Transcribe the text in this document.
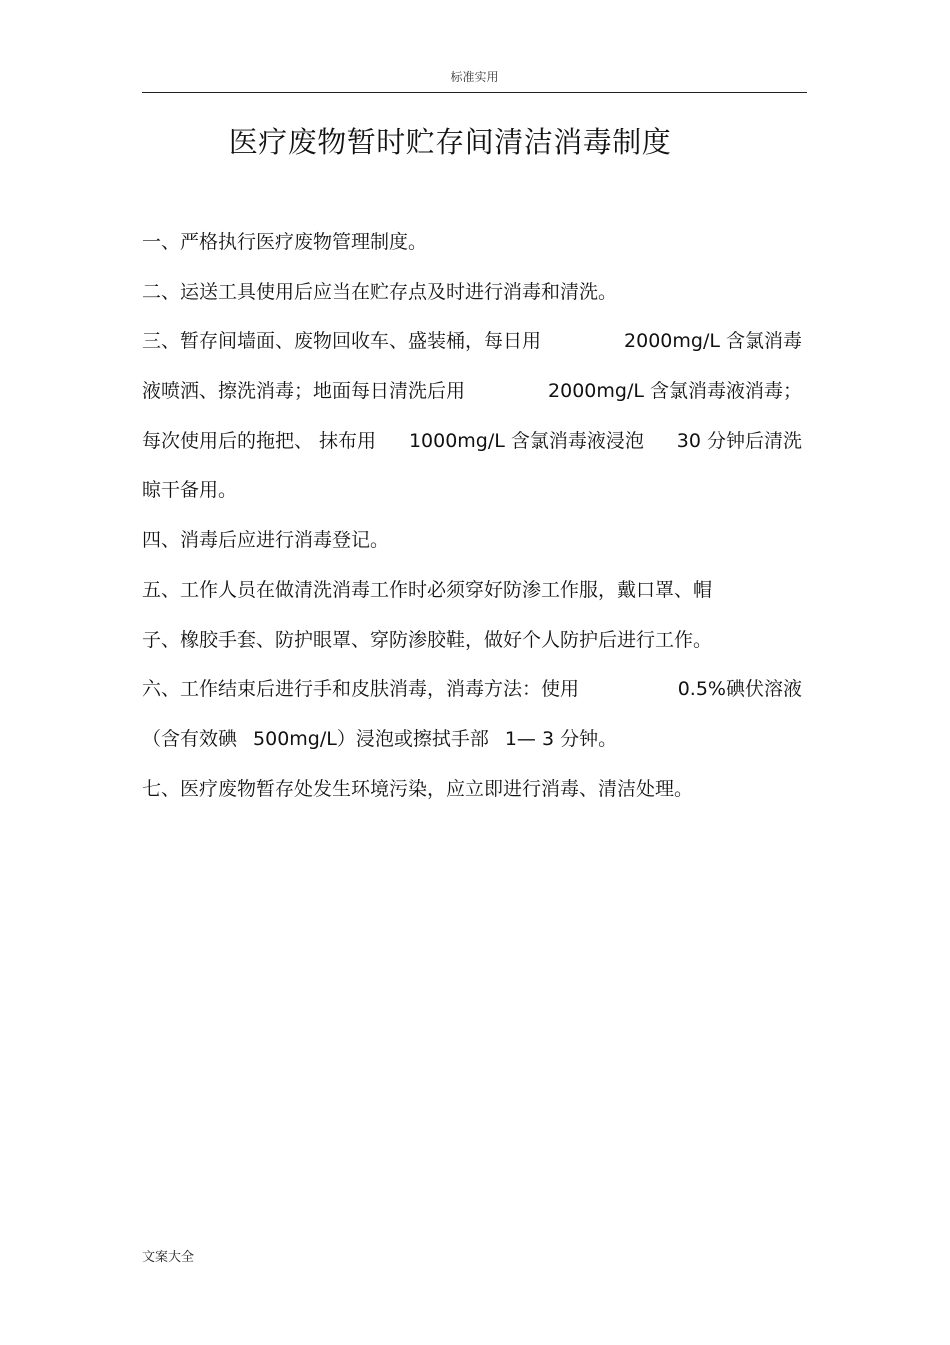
标准实用
医疗废物暂时贮存间清洁消毒制度
一、严格执行医疗废物管理制度。
二、运送工具使用后应当在贮存点及时进行消毒和清洗。
三、暂存间墙面、废物回收车、盛装桶，每日用	2000mg/L 含氯消毒
液喷洒、擦洗消毒；地面每日清洗后用	2000mg/L 含氯消毒液消毒；
每次使用后的拖把、 抹布用 1000mg/L 含氯消毒液浸泡 30 分钟后清洗
晾干备用。
四、消毒后应进行消毒登记。
五、工作人员在做清洗消毒工作时必须穿好防渗工作服，戴口罩、帽
子、橡胶手套、防护眼罩、穿防渗胶鞋，做好个人防护后进行工作。
六、工作结束后进行手和皮肤消毒，消毒方法：使用	0.5%碘伏溶液
（含有效碘 500mg/L）浸泡或擦拭手部 1— 3 分钟。
七、医疗废物暂存处发生环境污染，应立即进行消毒、清洁处理。
文案大全
